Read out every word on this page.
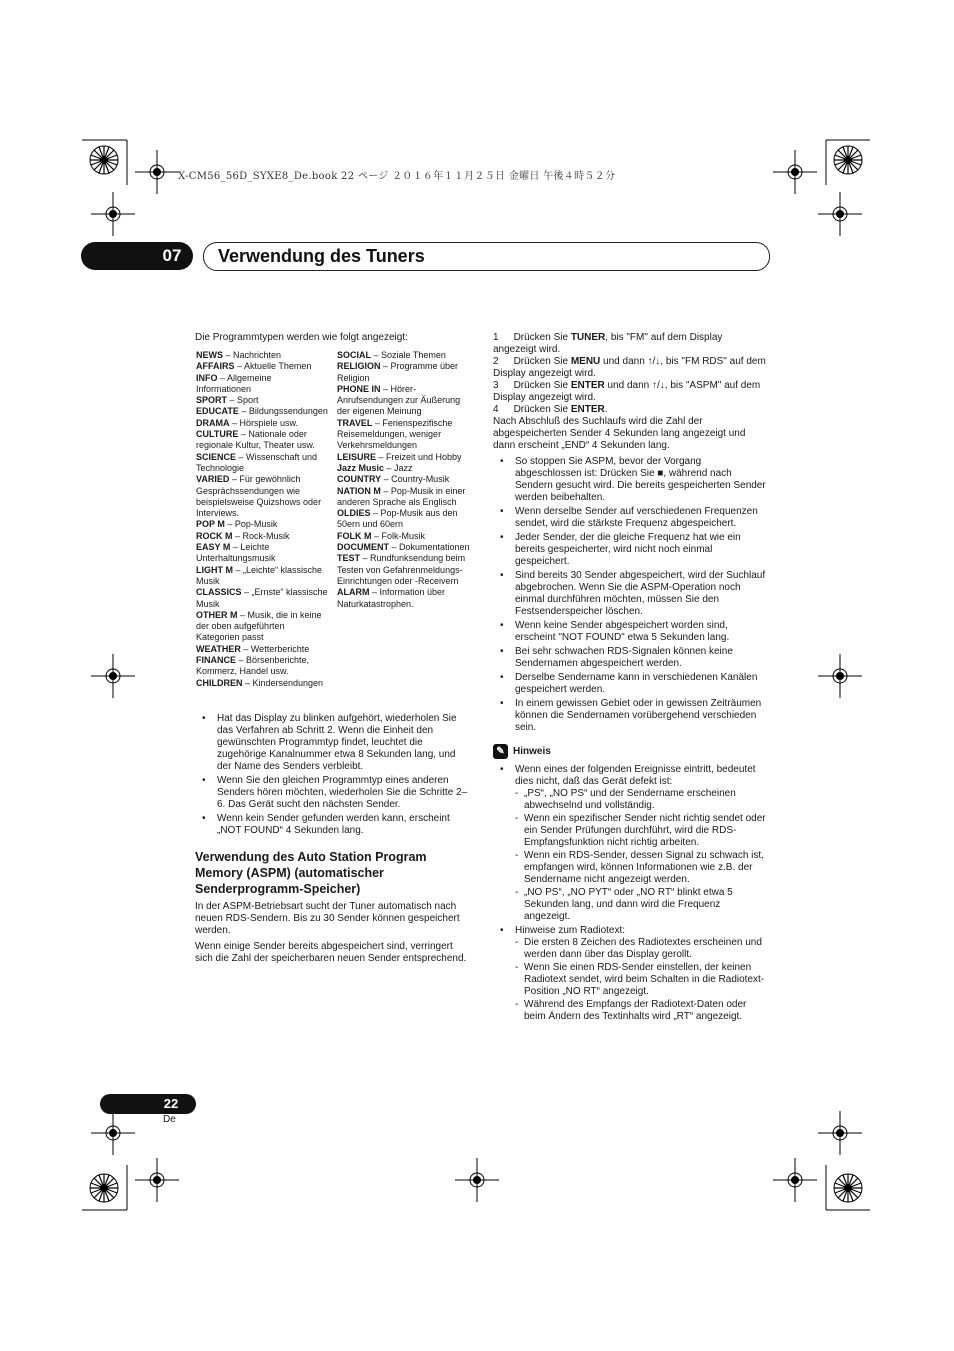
X-CM56_56D_SYXE8_De.book 22 ページ ２０１６年１１月２５日 金曜日 午後４時５２分
07	Verwendung des Tuners

Die Programmtypen werden wie folgt angezeigt:

NEWS – Nachrichten

AFFAIRS – Aktuelle Themen

INFO – Allgemeine Informationen

SPORT – Sport

EDUCATE – Bildungssendungen

DRAMA – Hörspiele usw.

CULTURE – Nationale oder regionale Kultur, Theater usw.

SCIENCE – Wissenschaft und Technologie

VARIED – Für gewöhnlich Gesprächssendungen wie beispielsweise Quizshows oder Interviews.

POP M – Pop-Musik

ROCK M – Rock-Musik

EASY M – Leichte Unterhaltungsmusik

LIGHT M – „Leichte“ klassische Musik

CLASSICS – „Ernste“ klassische Musik

OTHER M – Musik, die in keine der oben aufgeführten Kategorien passt

WEATHER – Wetterberichte

FINANCE – Börsenberichte, Kommerz, Handel usw.

CHILDREN – Kindersendungen

SOCIAL – Soziale Themen

RELIGION – Programme über Religion

PHONE IN – Hörer-Anrufsendungen zur Äußerung der eigenen Meinung

TRAVEL – Ferienspezifische Reisemeldungen, weniger Verkehrsmeldungen

LEISURE – Freizeit und Hobby

Jazz Music – Jazz

COUNTRY – Country-Musik

NATION M – Pop-Musik in einer anderen Sprache als Englisch

OLDIES – Pop-Musik aus den 50ern und 60ern

FOLK M – Folk-Musik

DOCUMENT – Dokumentationen

TEST – Rundfunksendung beim Testen von Gefahrenmeldungs-Einrichtungen oder -Receivern

ALARM – Information über Naturkatastrophen.

• Hat das Display zu blinken aufgehört, wiederholen Sie das Verfahren ab Schritt 2. Wenn die Einheit den gewünschten Programmtyp findet, leuchtet die zugehörige Kanalnummer etwa 8 Sekunden lang, und der Name des Senders verbleibt.
• Wenn Sie den gleichen Programmtyp eines anderen Senders hören möchten, wiederholen Sie die Schritte 2–6. Das Gerät sucht den nächsten Sender.
• Wenn kein Sender gefunden werden kann, erscheint „NOT FOUND“ 4 Sekunden lang.
Verwendung des Auto Station Program Memory (ASPM) (automatischer Senderprogramm-Speicher)

In der ASPM-Betriebsart sucht der Tuner automatisch nach neuen RDS-Sendern. Bis zu 30 Sender können gespeichert werden.

Wenn einige Sender bereits abgespeichert sind, verringert sich die Zahl der speicherbaren neuen Sender entsprechend.

1 Drücken Sie TUNER, bis "FM" auf dem Display angezeigt wird.

2 Drücken Sie MENU und dann ↑/↓, bis "FM RDS" auf dem Display angezeigt wird.

3 Drücken Sie ENTER und dann ↑/↓, bis "ASPM" auf dem Display angezeigt wird.

4 Drücken Sie ENTER.

Nach Abschluß des Suchlaufs wird die Zahl der abgespeicherten Sender 4 Sekunden lang angezeigt und dann erscheint „END“ 4 Sekunden lang.

• So stoppen Sie ASPM, bevor der Vorgang abgeschlossen ist: Drücken Sie ■, während nach Sendern gesucht wird. Die bereits gespeicherten Sender werden beibehalten.
• Wenn derselbe Sender auf verschiedenen Frequenzen sendet, wird die stärkste Frequenz abgespeichert.
• Jeder Sender, der die gleiche Frequenz hat wie ein bereits gespeicherter, wird nicht noch einmal gespeichert.
• Sind bereits 30 Sender abgespeichert, wird der Suchlauf abgebrochen. Wenn Sie die ASPM-Operation noch einmal durchführen möchten, müssen Sie den Festsenderspeicher löschen.
• Wenn keine Sender abgespeichert worden sind, erscheint "NOT FOUND" etwa 5 Sekunden lang.
• Bei sehr schwachen RDS-Signalen können keine Sendernamen abgespeichert werden.
• Derselbe Sendername kann in verschiedenen Kanälen gespeichert werden.
• In einem gewissen Gebiet oder in gewissen Zeiträumen können die Sendernamen vorübergehend verschieden sein.
✎ Hinweis
• Wenn eines der folgenden Ereignisse eintritt, bedeutet dies nicht, daß das Gerät defekt ist:
- „PS“, „NO PS“ und der Sendername erscheinen abwechselnd und vollständig.
- Wenn ein spezifischer Sender nicht richtig sendet oder ein Sender Prüfungen durchführt, wird die RDS-Empfangsfunktion nicht richtig arbeiten.
- Wenn ein RDS-Sender, dessen Signal zu schwach ist, empfangen wird, können Informationen wie z.B. der Sendername nicht angezeigt werden.
- „NO PS“, „NO PYT“ oder „NO RT“ blinkt etwa 5 Sekunden lang, und dann wird die Frequenz angezeigt.
• Hinweise zum Radiotext:
- Die ersten 8 Zeichen des Radiotextes erscheinen und werden dann über das Display gerollt.
- Wenn Sie einen RDS-Sender einstellen, der keinen Radiotext sendet, wird beim Schalten in die Radiotext-Position „NO RT“ angezeigt.
- Während des Empfangs der Radiotext-Daten oder beim Ändern des Textinhalts wird „RT“ angezeigt.
22
De
